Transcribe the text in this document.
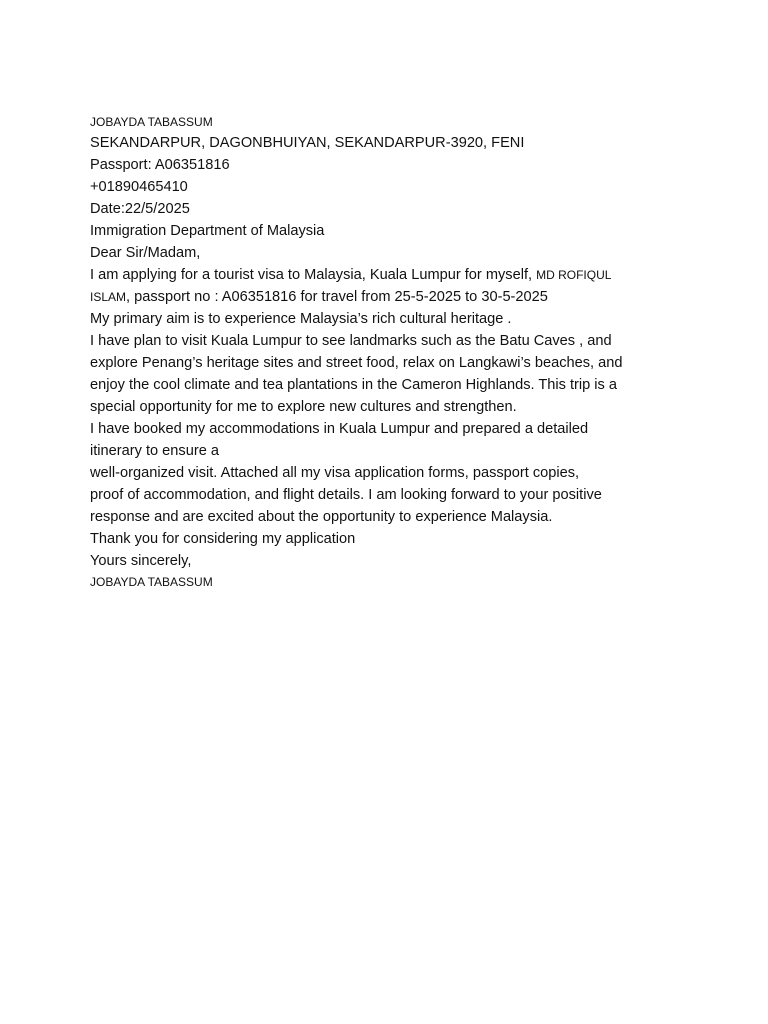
JOBAYDA TABASSUM
SEKANDARPUR, DAGONBHUIYAN, SEKANDARPUR-3920, FENI
Passport: A06351816
+01890465410
Date:22/5/2025
Immigration Department of Malaysia
Dear Sir/Madam,
I am applying for a tourist visa to Malaysia, Kuala Lumpur for myself, MD ROFIQUL
ISLAM, passport no : A06351816 for travel from 25-5-2025 to 30-5-2025
My primary aim is to experience Malaysia’s rich cultural heritage .
I have plan to visit Kuala Lumpur to see landmarks such as the Batu Caves , and
explore Penang’s heritage sites and street food, relax on Langkawi’s beaches, and
enjoy the cool climate and tea plantations in the Cameron Highlands. This trip is a
special opportunity for me to explore new cultures and strengthen.
I have booked my accommodations in Kuala Lumpur and prepared a detailed
itinerary to ensure a
well-organized visit. Attached all my visa application forms, passport copies,
proof of accommodation, and flight details. I am looking forward to your positive
response and are excited about the opportunity to experience Malaysia.
Thank you for considering my application
Yours sincerely,
JOBAYDA TABASSUM
